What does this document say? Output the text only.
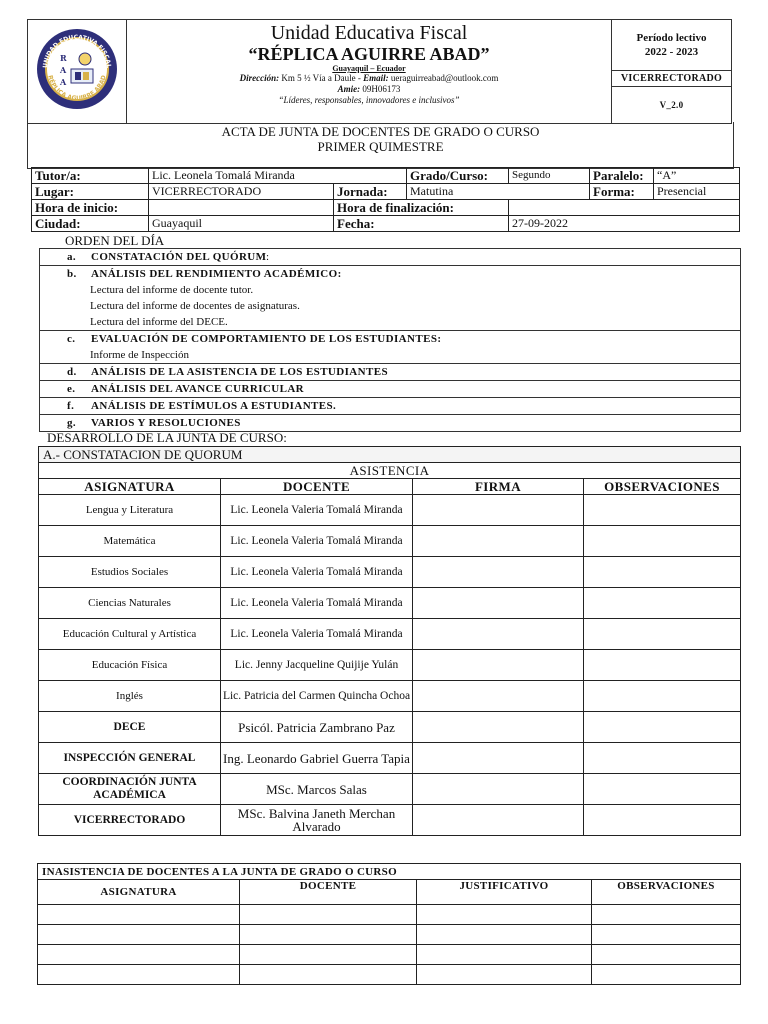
UNIDAD EDUCATIVA FISCAL
RÉPLICA AGUIRRE ABAD
R
A
A

Unidad Educativa Fiscal
“RÉPLICA AGUIRRE ABAD”
Guayaquil – Ecuador
Dirección: Km 5 ½ Vía a Daule - Email: ueraguirreabad@outlook.com
Amie: 09H06173
“Líderes, responsables, innovadores e inclusivos”

Período lectivo
2022 - 2023

VICERRECTORADO
V_2.0
ACTA DE JUNTA DE DOCENTES DE GRADO O CURSO
PRIMER QUIMESTRE
Tutor/a:	Lic. Leonela Tomalá Miranda		Grado/Curso:	Segundo	Paralelo:	“A”
Lugar:	VICERRECTORADO	Jornada:	Matutina		Forma:	Presencial
Hora de inicio:		Hora de finalización:				
Ciudad:	Guayaquil	Fecha:		27-09-2022		
ORDEN DEL DÍA
a. CONSTATACIÓN DEL QUÓRUM :
b. ANÁLISIS DEL RENDIMIENTO ACADÉMICO:
Lectura del informe de docente tutor.
Lectura del informe de docentes de asignaturas.
Lectura del informe del DECE.
c. EVALUACIÓN DE COMPORTAMIENTO DE LOS ESTUDIANTES:
Informe de Inspección
d. ANÁLISIS DE LA ASISTENCIA DE LOS ESTUDIANTES
e. ANÁLISIS DEL AVANCE CURRICULAR
f. ANÁLISIS DE ESTÍMULOS A ESTUDIANTES.
g. VARIOS Y RESOLUCIONES
DESARROLLO DE LA JUNTA DE CURSO:
A.- CONSTATACION DE QUORUM			
ASISTENCIA			
ASIGNATURA	DOCENTE	FIRMA	OBSERVACIONES
Lengua y Literatura	Lic. Leonela Valeria Tomalá Miranda		
Matemática	Lic. Leonela Valeria Tomalá Miranda		
Estudios Sociales	Lic. Leonela Valeria Tomalá Miranda		
Ciencias Naturales	Lic. Leonela Valeria Tomalá Miranda		
Educación Cultural y Artística	Lic. Leonela Valeria Tomalá Miranda		
Educación Física	Lic. Jenny Jacqueline Quijije Yulán		
Inglés	Lic. Patricia del Carmen Quincha Ochoa		
DECE	Psicól. Patricia Zambrano Paz		
INSPECCIÓN GENERAL	Ing. Leonardo Gabriel Guerra Tapia		
COORDINACIÓN JUNTA ACADÉMICA	MSc. Marcos Salas		
VICERRECTORADO	MSc. Balvina Janeth Merchan Alvarado		
INASISTENCIA DE DOCENTES A LA JUNTA DE GRADO O CURSO			
ASIGNATURA	DOCENTE	JUSTIFICATIVO	OBSERVACIONES
